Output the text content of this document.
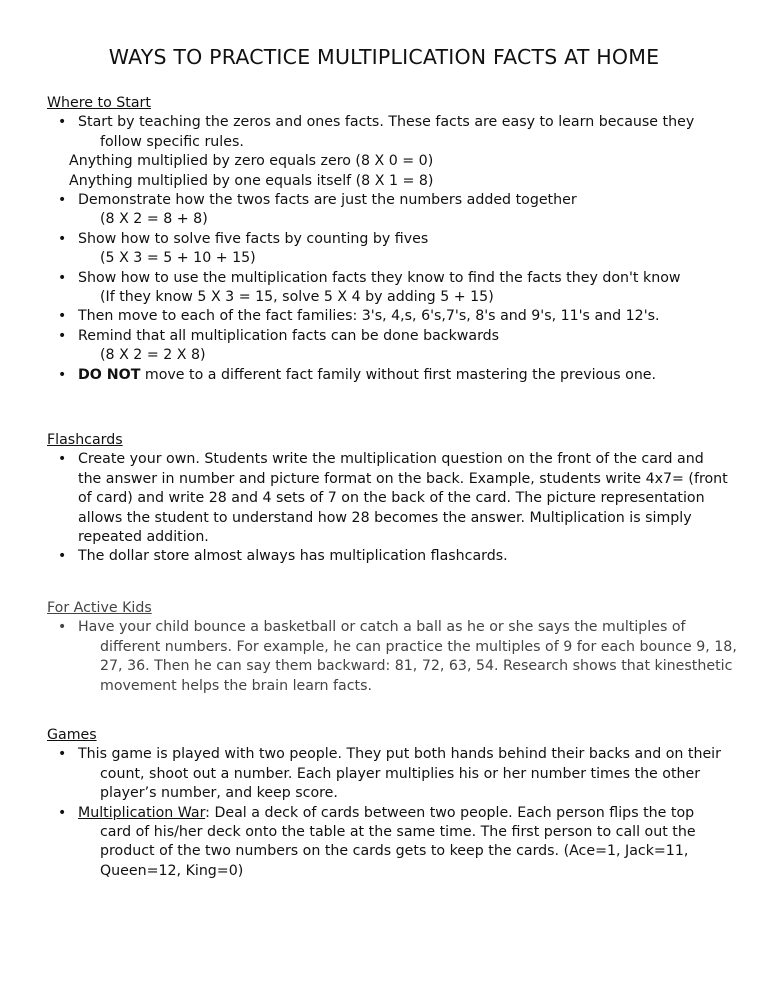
WAYS TO PRACTICE MULTIPLICATION FACTS AT HOME

Where to Start

• Start by teaching the zeros and ones facts. These facts are easy to learn because they
follow specific rules.
Anything multiplied by zero equals zero (8 X 0 = 0)
Anything multiplied by one equals itself (8 X 1 = 8)
• Demonstrate how the twos facts are just the numbers added together
(8 X 2 = 8 + 8)
• Show how to solve five facts by counting by fives
(5 X 3 = 5 + 10 + 15)
• Show how to use the multiplication facts they know to find the facts they don't know
(If they know 5 X 3 = 15, solve 5 X 4 by adding 5 + 15)
• Then move to each of the fact families: 3's, 4,s, 6's,7's, 8's and 9's, 11's and 12's.
• Remind that all multiplication facts can be done backwards
(8 X 2 = 2 X 8)
• DO NOT move to a different fact family without first mastering the previous one.

Flashcards

• Create your own. Students write the multiplication question on the front of the card and
the answer in number and picture format on the back. Example, students write 4x7= (front
of card) and write 28 and 4 sets of 7 on the back of the card. The picture representation
allows the student to understand how 28 becomes the answer. Multiplication is simply
repeated addition.
• The dollar store almost always has multiplication flashcards.

For Active Kids

• Have your child bounce a basketball or catch a ball as he or she says the multiples of
different numbers. For example, he can practice the multiples of 9 for each bounce 9, 18,
27, 36. Then he can say them backward: 81, 72, 63, 54. Research shows that kinesthetic
movement helps the brain learn facts.

Games

• This game is played with two people. They put both hands behind their backs and on their
count, shoot out a number. Each player multiplies his or her number times the other
player’s number, and keep score.
• Multiplication War: Deal a deck of cards between two people. Each person flips the top
card of his/her deck onto the table at the same time. The first person to call out the
product of the two numbers on the cards gets to keep the cards. (Ace=1, Jack=11,
Queen=12, King=0)
